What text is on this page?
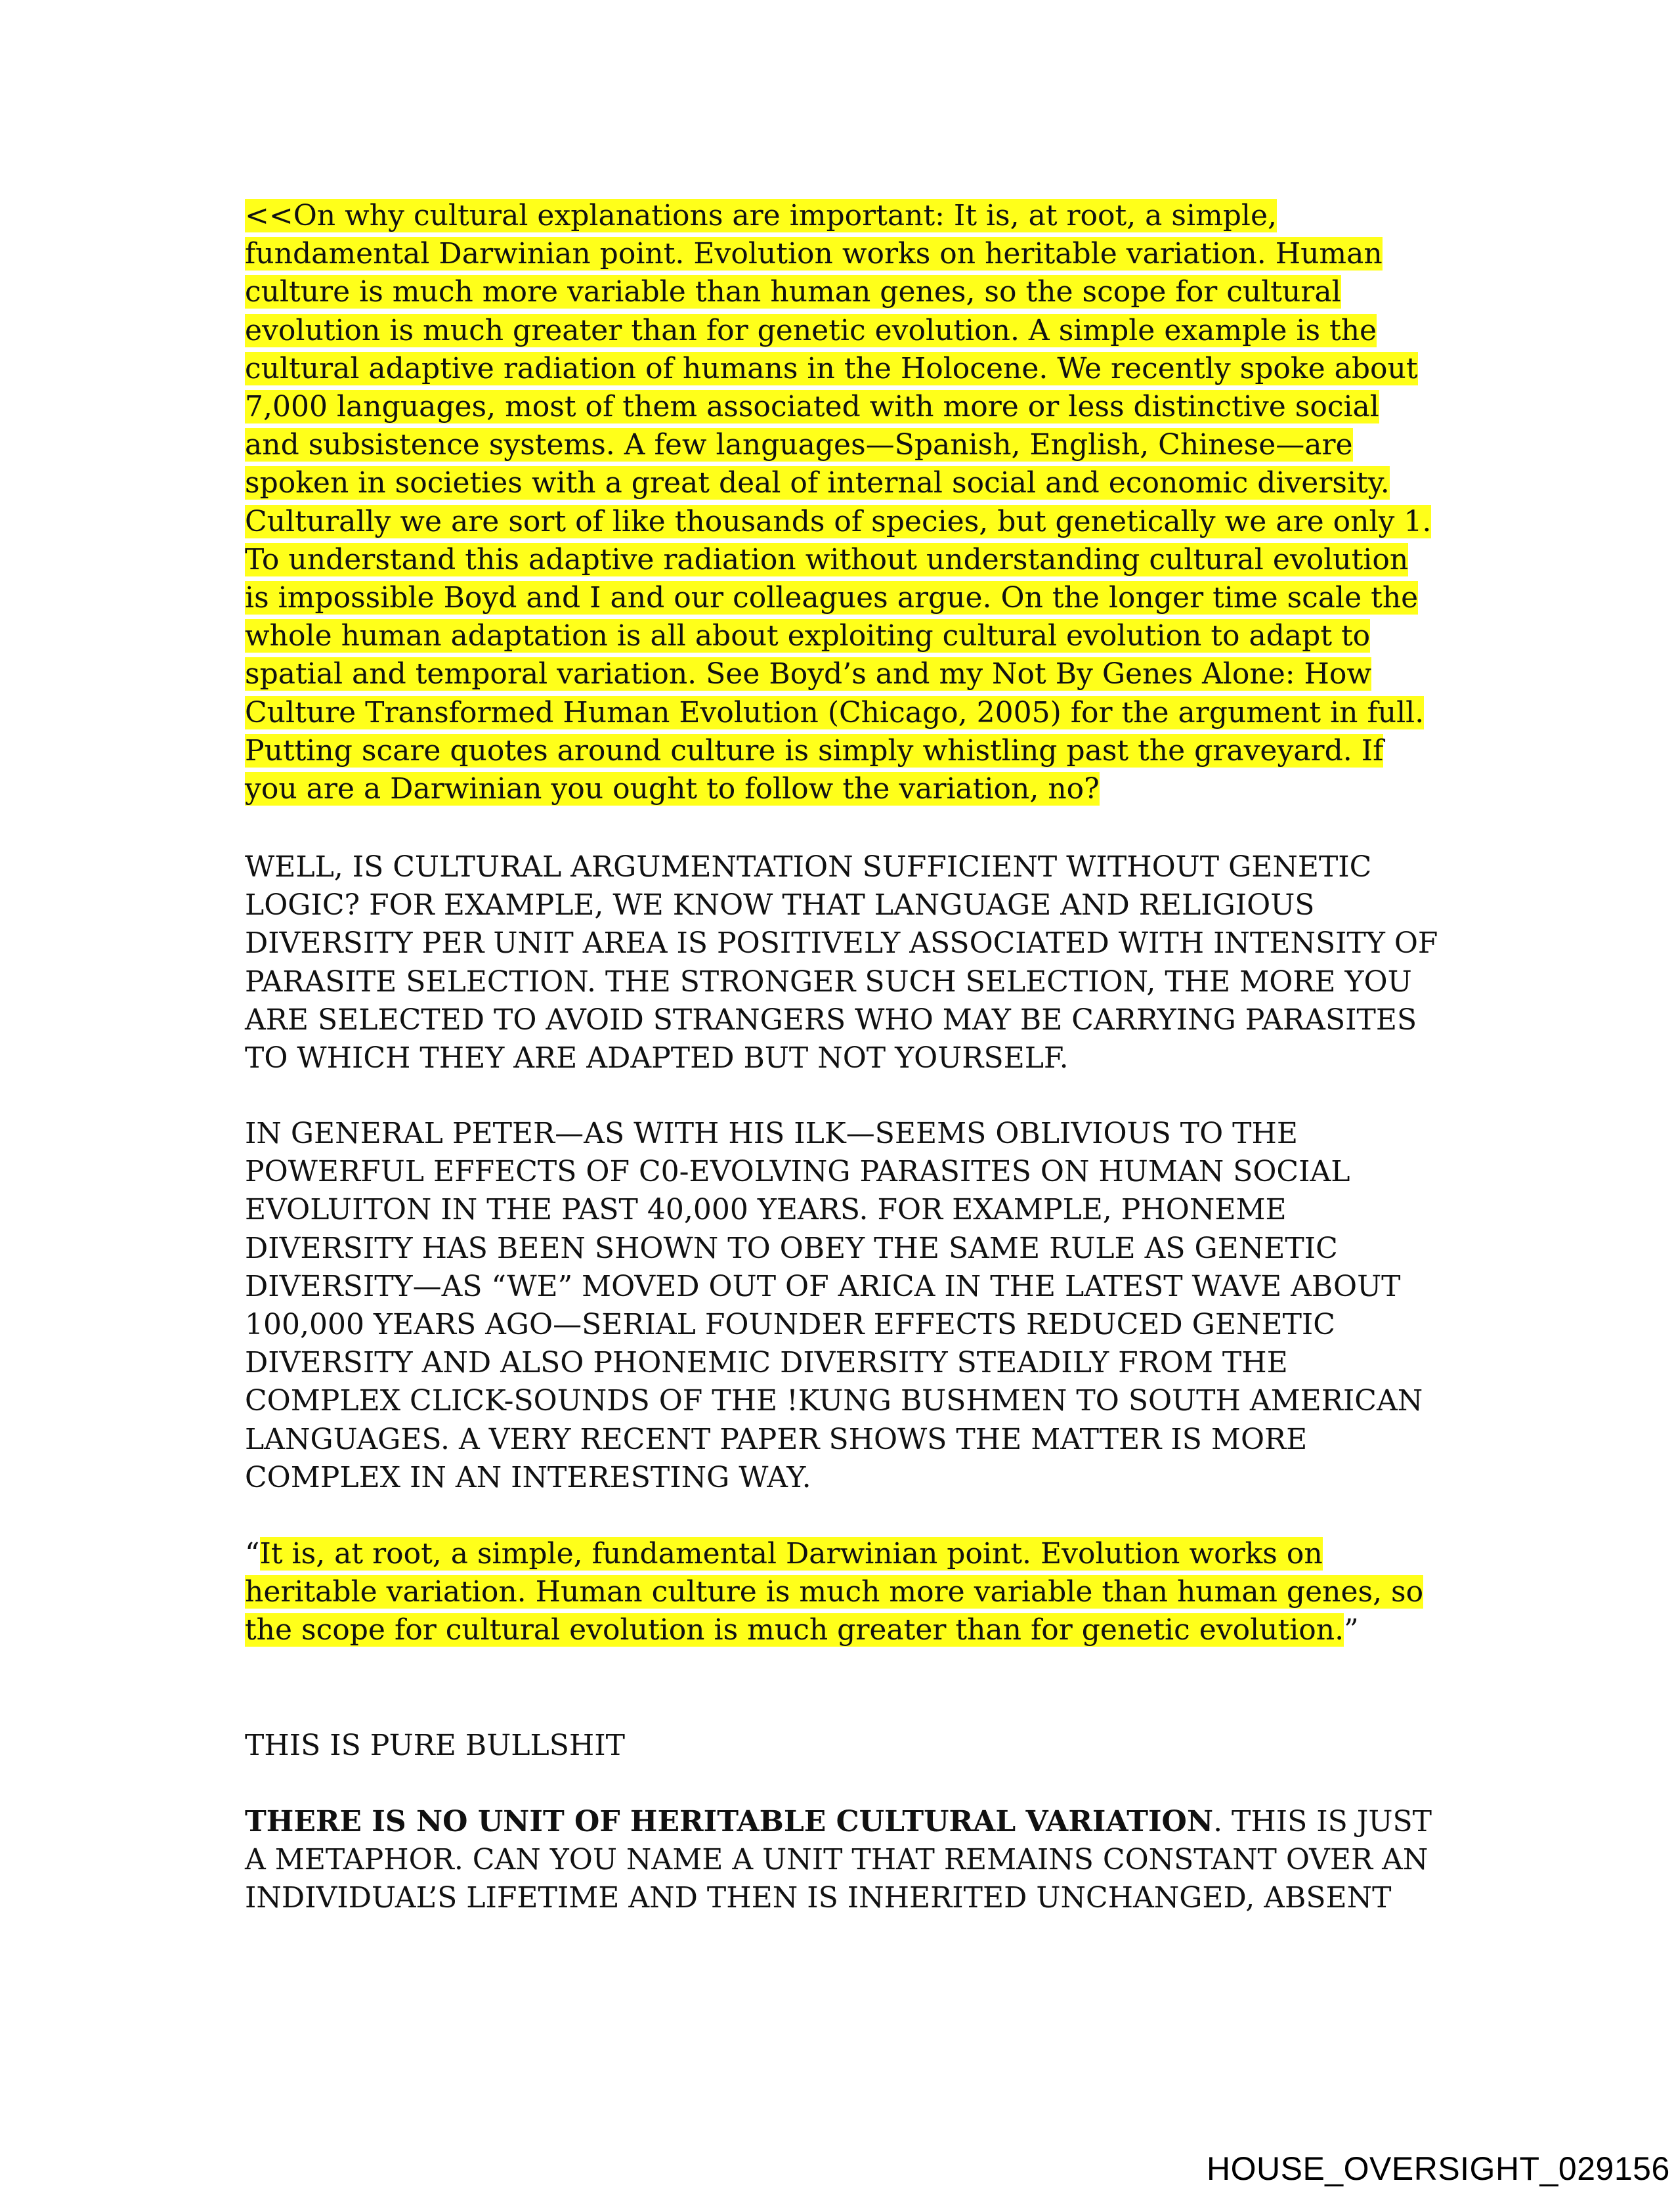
<<On why cultural explanations are important: It is, at root, a simple, fundamental Darwinian point. Evolution works on heritable variation. Human culture is much more variable than human genes, so the scope for cultural evolution is much greater than for genetic evolution. A simple example is the cultural adaptive radiation of humans in the Holocene. We recently spoke about 7,000 languages, most of them associated with more or less distinctive social and subsistence systems. A few languages—Spanish, English, Chinese—are spoken in societies with a great deal of internal social and economic diversity. Culturally we are sort of like thousands of species, but genetically we are only 1. To understand this adaptive radiation without understanding cultural evolution is impossible Boyd and I and our colleagues argue. On the longer time scale the whole human adaptation is all about exploiting cultural evolution to adapt to spatial and temporal variation. See Boyd’s and my Not By Genes Alone: How Culture Transformed Human Evolution (Chicago, 2005) for the argument in full. Putting scare quotes around culture is simply whistling past the graveyard. If you are a Darwinian you ought to follow the variation, no?
WELL, IS CULTURAL ARGUMENTATION SUFFICIENT WITHOUT GENETIC LOGIC? FOR EXAMPLE, WE KNOW THAT LANGUAGE AND RELIGIOUS DIVERSITY PER UNIT AREA IS POSITIVELY ASSOCIATED WITH INTENSITY OF PARASITE SELECTION. THE STRONGER SUCH SELECTION, THE MORE YOU ARE SELECTED TO AVOID STRANGERS WHO MAY BE CARRYING PARASITES TO WHICH THEY ARE ADAPTED BUT NOT YOURSELF.
IN GENERAL PETER—AS WITH HIS ILK—SEEMS OBLIVIOUS TO THE POWERFUL EFFECTS OF C0-EVOLVING PARASITES ON HUMAN SOCIAL EVOLUITON IN THE PAST 40,000 YEARS. FOR EXAMPLE, PHONEME DIVERSITY HAS BEEN SHOWN TO OBEY THE SAME RULE AS GENETIC DIVERSITY—AS “WE” MOVED OUT OF ARICA IN THE LATEST WAVE ABOUT 100,000 YEARS AGO—SERIAL FOUNDER EFFECTS REDUCED GENETIC DIVERSITY AND ALSO PHONEMIC DIVERSITY STEADILY FROM THE COMPLEX CLICK-SOUNDS OF THE !KUNG BUSHMEN TO SOUTH AMERICAN LANGUAGES. A VERY RECENT PAPER SHOWS THE MATTER IS MORE COMPLEX IN AN INTERESTING WAY.
“It is, at root, a simple, fundamental Darwinian point. Evolution works on heritable variation. Human culture is much more variable than human genes, so the scope for cultural evolution is much greater than for genetic evolution.”
THIS IS PURE BULLSHIT
THERE IS NO UNIT OF HERITABLE CULTURAL VARIATION. THIS IS JUST A METAPHOR. CAN YOU NAME A UNIT THAT REMAINS CONSTANT OVER AN INDIVIDUAL’S LIFETIME AND THEN IS INHERITED UNCHANGED, ABSENT
HOUSE_OVERSIGHT_029156
